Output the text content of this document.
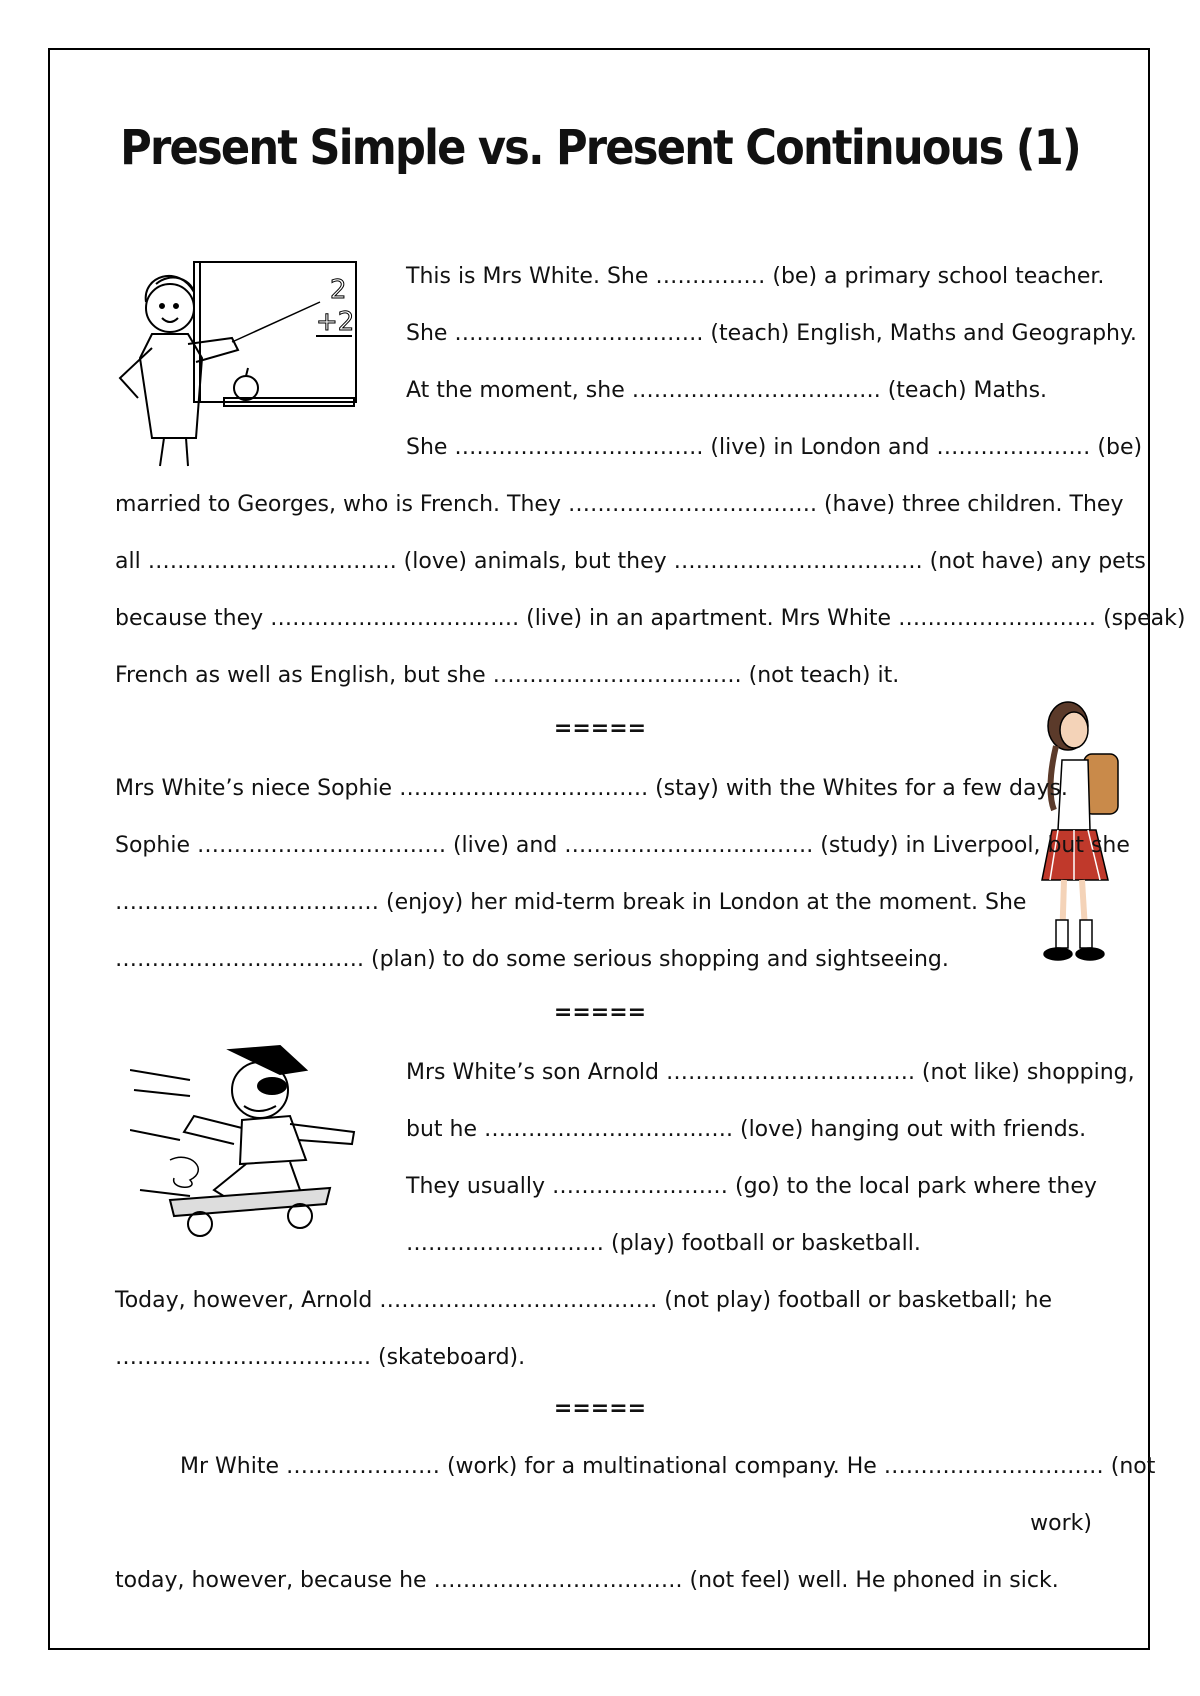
Present Simple vs. Present Continuous (1)
2
+2
This is Mrs White. She …………… (be) a primary school teacher.
She ……………………………. (teach) English, Maths and Geography.
At the moment, she ……………………………. (teach) Maths.
She ……………………………. (live) in London and ………………… (be)
married to Georges, who is French. They ……………………………. (have) three children. They
all ……………………………. (love) animals, but they ……………………………. (not have) any pets
because they ……………………………. (live) in an apartment. Mrs White ……………………… (speak)
French as well as English, but she ……………………………. (not teach) it.
=====
Mrs White’s niece Sophie ……………………………. (stay) with the Whites for a few days.
Sophie ……………………………. (live) and ……………………………. (study) in Liverpool, but she
……………………………… (enjoy) her mid-term break in London at the moment. She
……………………………. (plan) to do some serious shopping and sightseeing.
=====
Mrs White’s son Arnold ……………………………. (not like) shopping,
but he ……………………………. (love) hanging out with friends.
They usually …………………… (go) to the local park where they
……………………… (play) football or basketball.
Today, however, Arnold …………………………….…. (not play) football or basketball; he
…………………………….. (skateboard).
=====
Mr White ………………… (work) for a multinational company. He ………………………… (not
work)
today, however, because he ……………………………. (not feel) well. He phoned in sick.
